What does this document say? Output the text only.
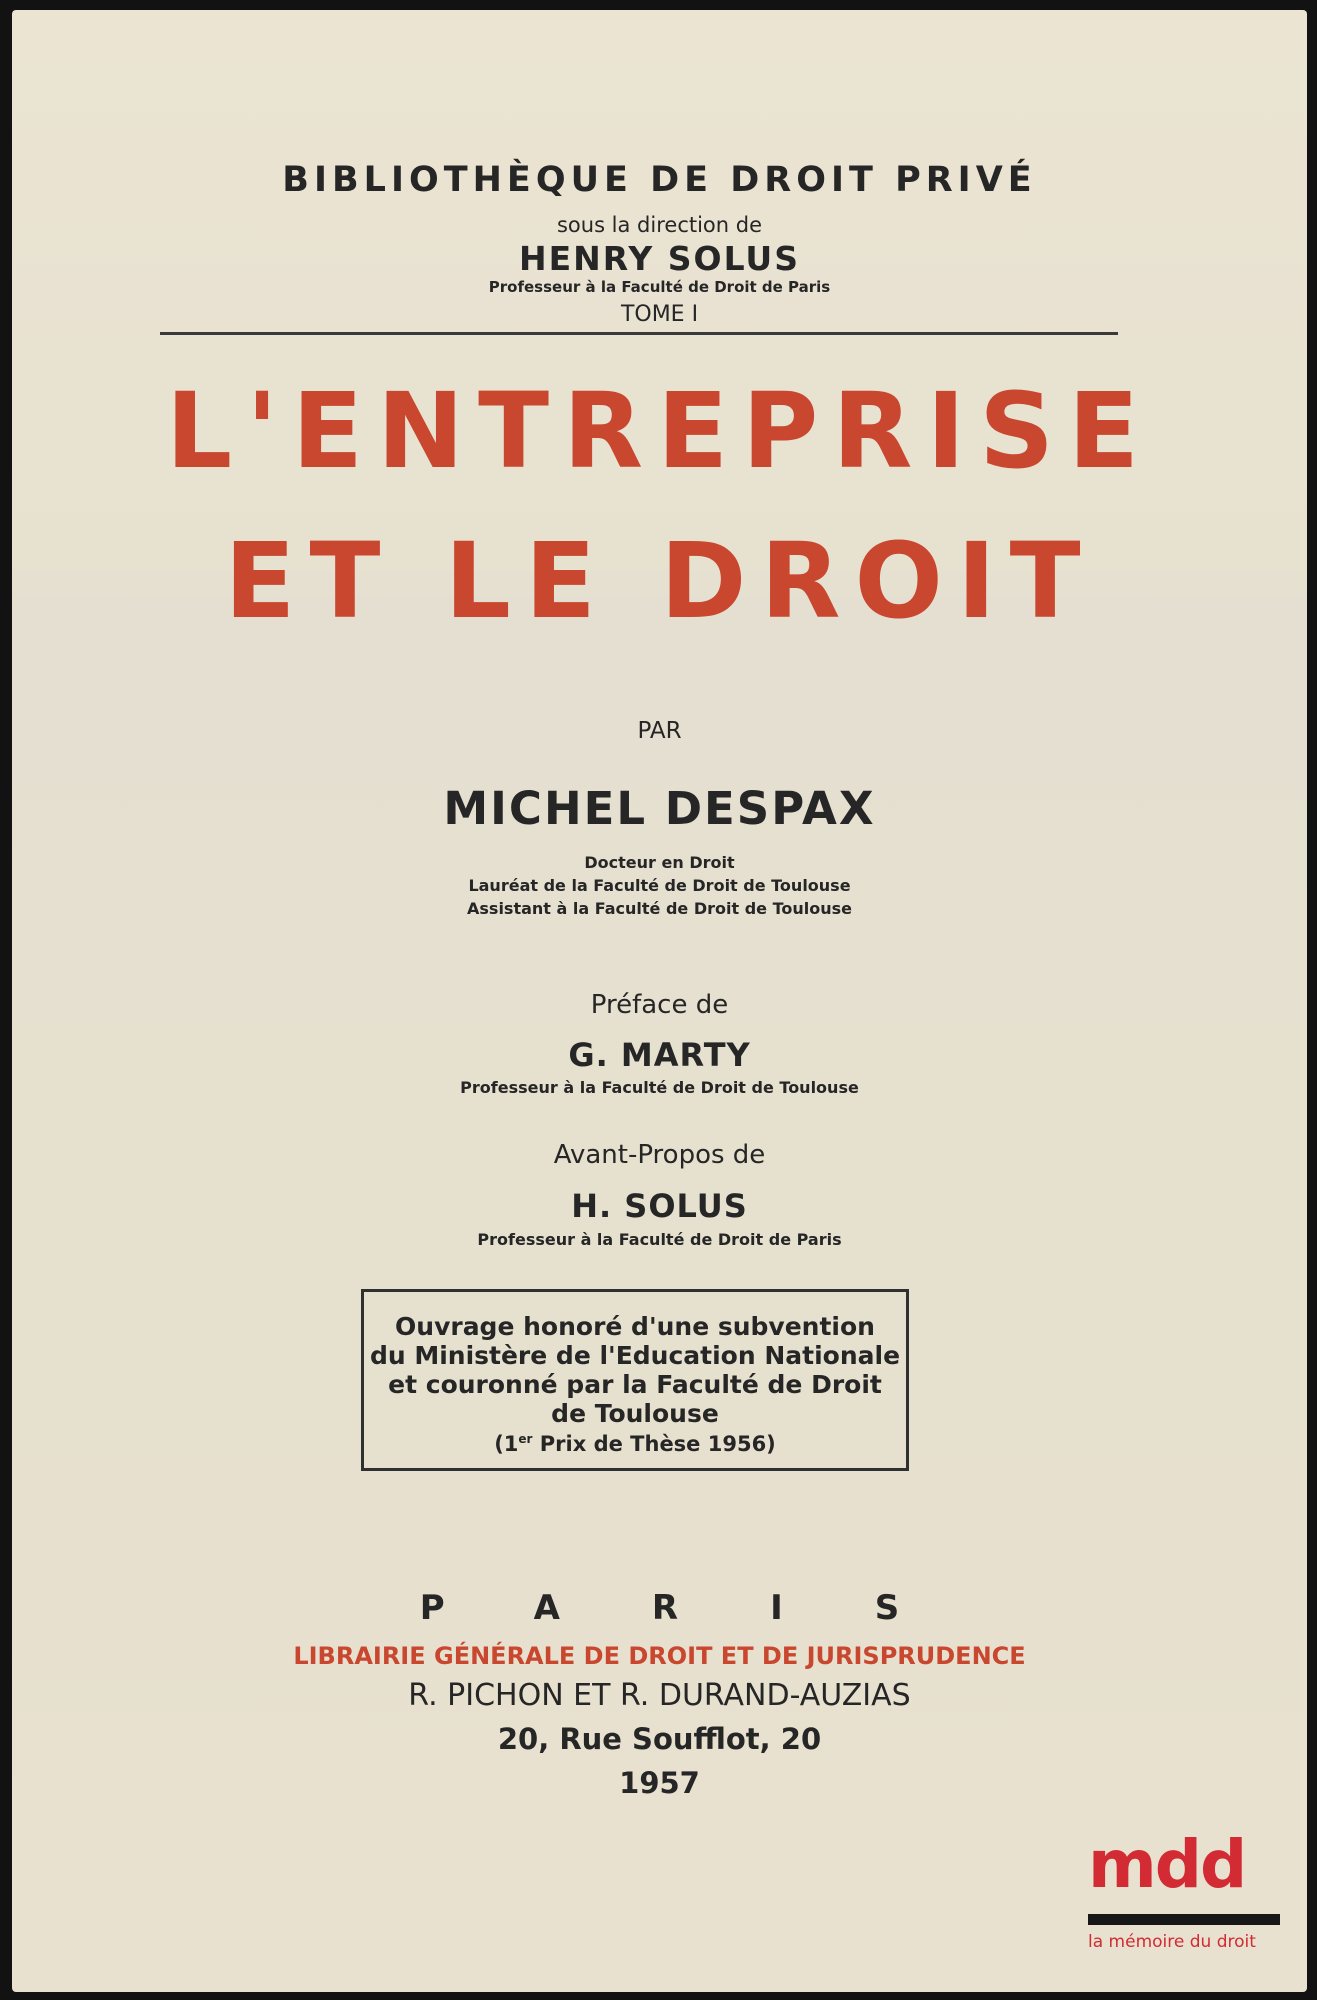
BIBLIOTHÈQUE DE DROIT PRIVÉ
sous la direction de
HENRY SOLUS
Professeur à la Faculté de Droit de Paris
TOME I
L'ENTREPRISE
ET LE DROIT
PAR
MICHEL DESPAX
Docteur en Droit
Lauréat de la Faculté de Droit de Toulouse
Assistant à la Faculté de Droit de Toulouse
Préface de
G. MARTY
Professeur à la Faculté de Droit de Toulouse
Avant-Propos de
H. SOLUS
Professeur à la Faculté de Droit de Paris
Ouvrage honoré d'une subvention
du Ministère de l'Education Nationale
et couronné par la Faculté de Droit
de Toulouse
(1er Prix de Thèse 1956)
PARIS
LIBRAIRIE GÉNÉRALE DE DROIT ET DE JURISPRUDENCE
R. PICHON ET R. DURAND-AUZIAS
20, Rue Soufflot, 20
1957
mdd
la mémoire du droit
